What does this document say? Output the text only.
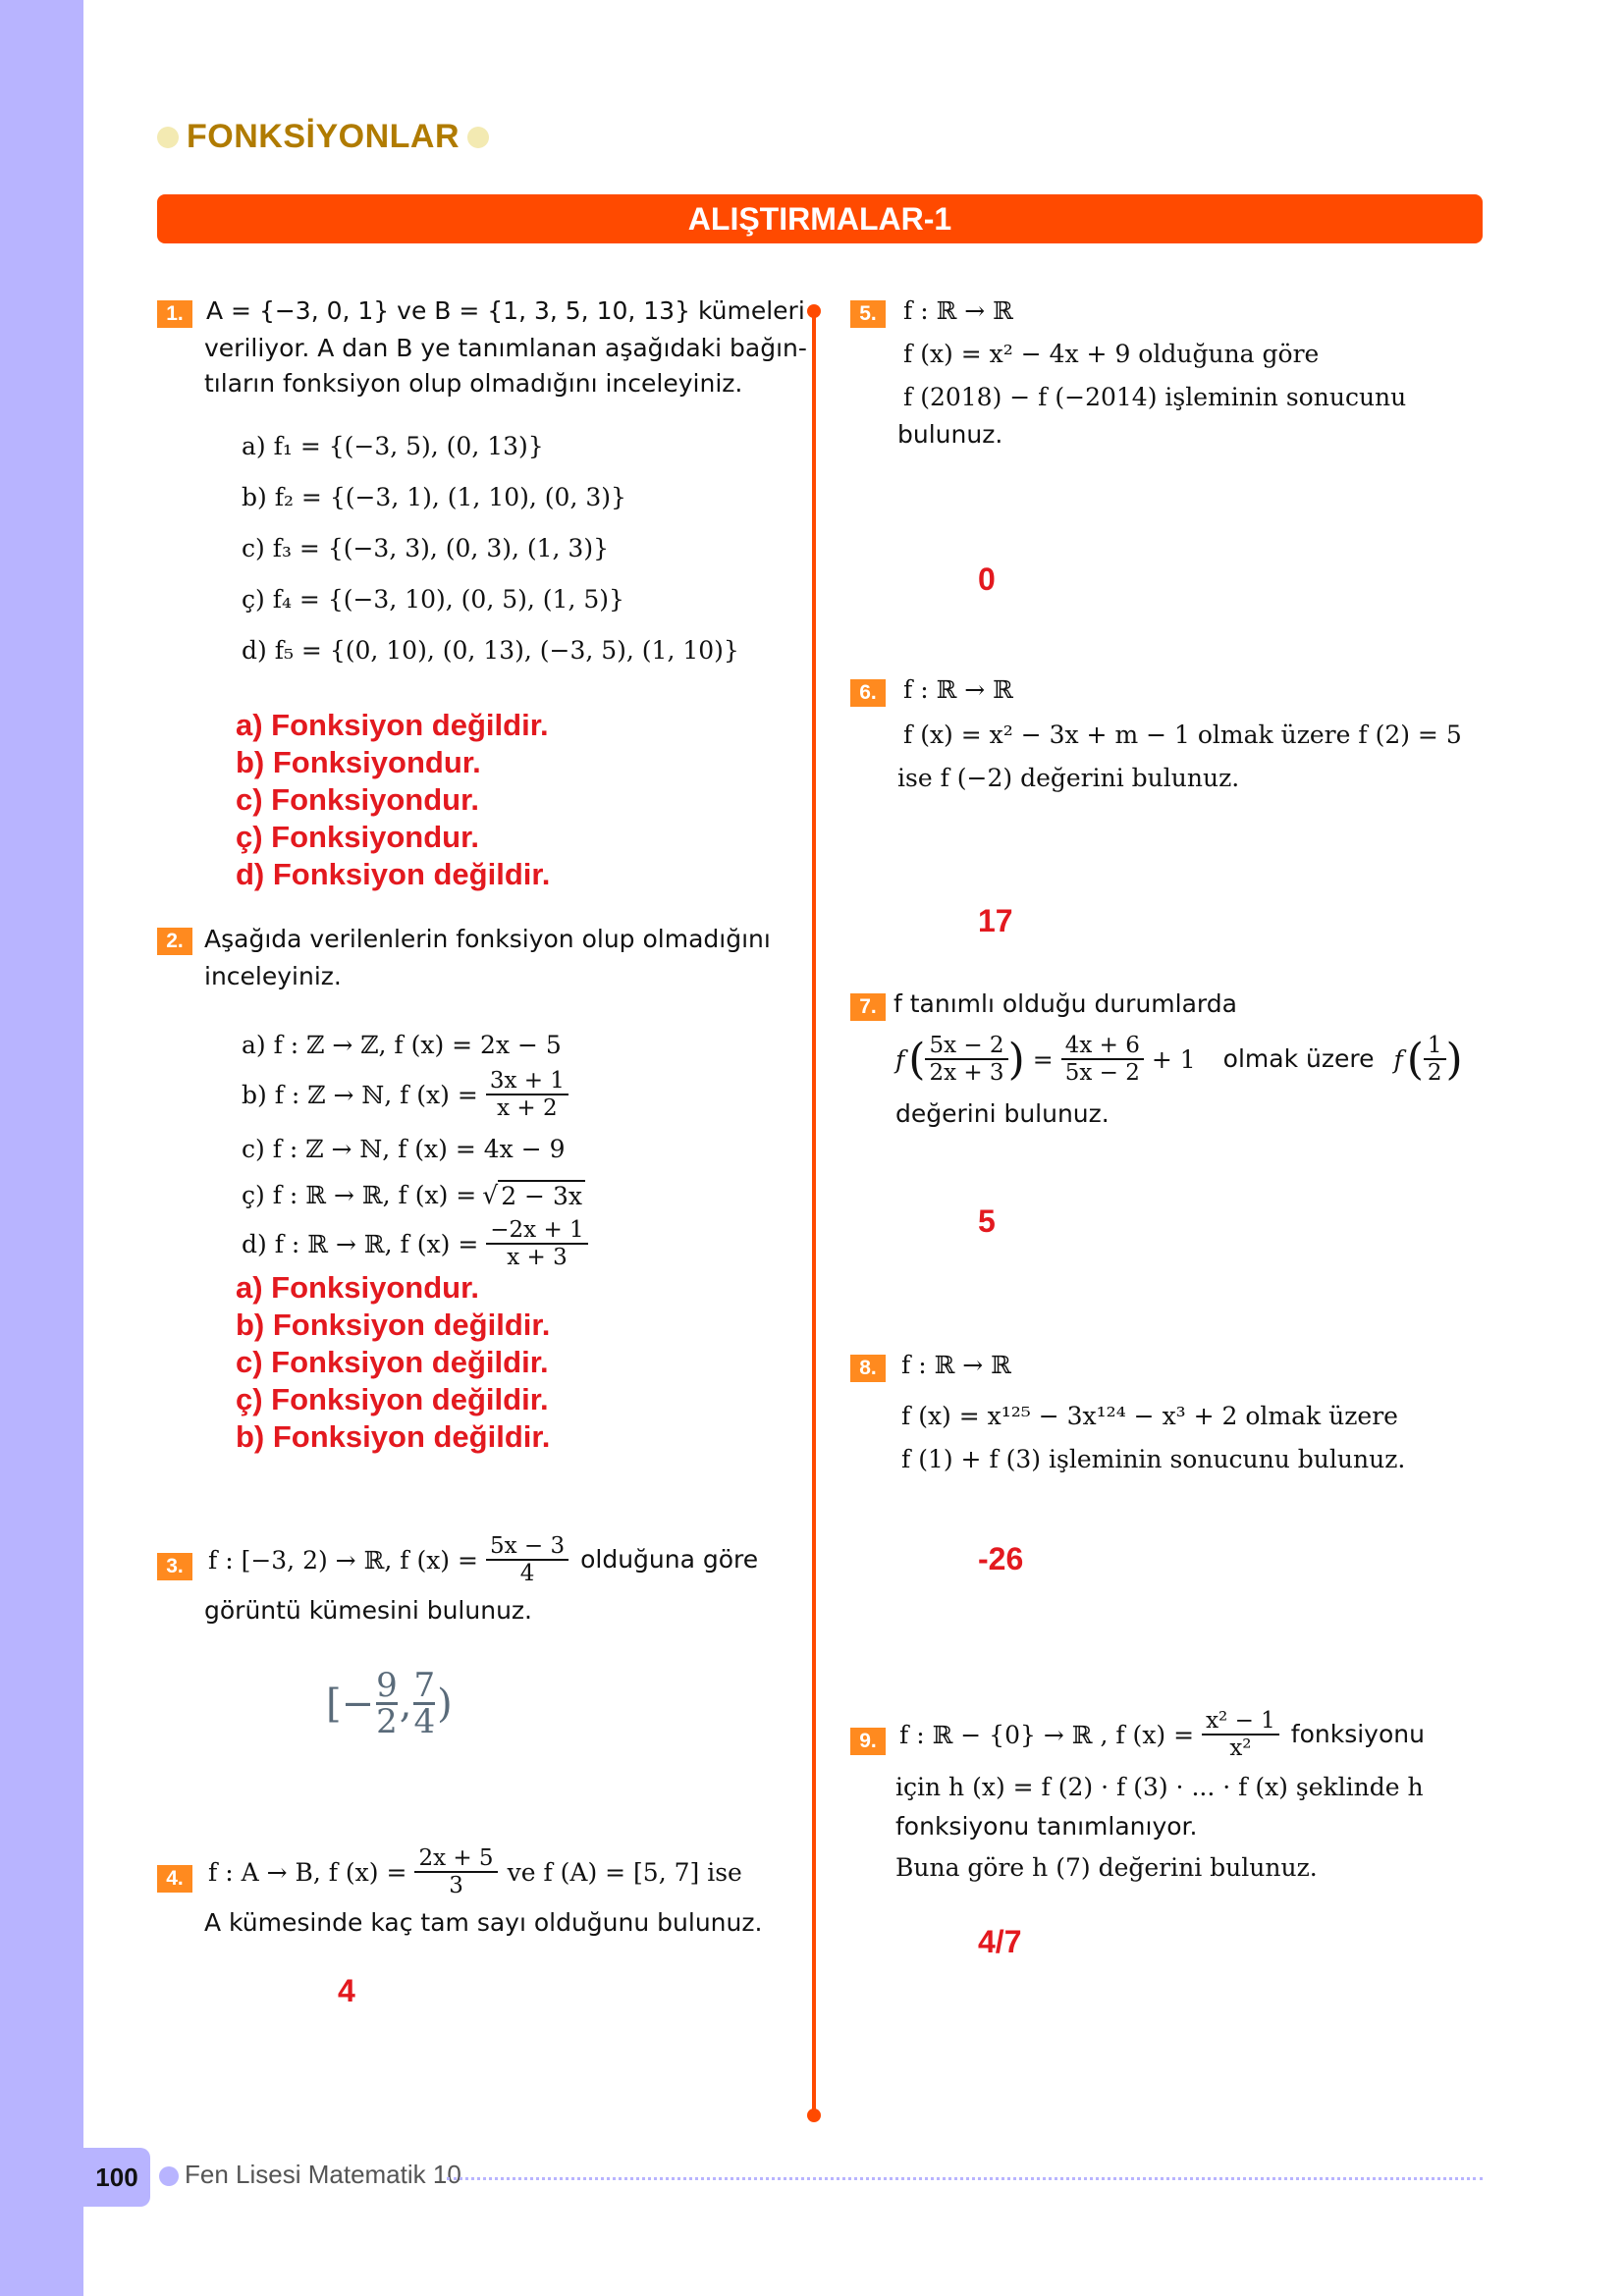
FONKSİYONLAR
ALIŞTIRMALAR-1
1. A = {−3, 0, 1} ve B = {1, 3, 5, 10, 13} kümeleri
veriliyor. A dan B ye tanımlanan aşağıdaki bağın-
tıların fonksiyon olup olmadığını inceleyiniz.
a) f₁ = {(−3, 5), (0, 13)}
b) f₂ = {(−3, 1), (1, 10), (0, 3)}
c) f₃ = {(−3, 3), (0, 3), (1, 3)}
ç) f₄ = {(−3, 10), (0, 5), (1, 5)}
d) f₅ = {(0, 10), (0, 13), (−3, 5), (1, 10)}
a) Fonksiyon değildir.
b) Fonksiyondur.
c) Fonksiyondur.
ç) Fonksiyondur.
d) Fonksiyon değildir.
2. Aşağıda verilenlerin fonksiyon olup olmadığını
inceleyiniz.
a) f : ℤ → ℤ, f (x) = 2x − 5
b) f : ℤ → ℕ, f $(x) = \frac{3x + 1}{x + 2}$
c) f : ℤ → ℕ, f (x) = 4x − 9
ç) f : ℝ → ℝ, f (x) = √ 2 − 3x
d) f : ℝ → ℝ, f $(x) = \frac{-2x + 1}{x + 3}$
a) Fonksiyondur.
b) Fonksiyon değildir.
c) Fonksiyon değildir.
ç) Fonksiyon değildir.
b) Fonksiyon değildir.
3.	f : [−3, 2) → ℝ, f $(x) = \frac{5x - 3}{4}$ olduğuna göre
görüntü kümesini bulunuz.
[− $\frac{9}{2}$ , 7
4 )
4.	f : A → B, f $(x) = \frac{2x + 5}{3}$ ve f (A) = [5, 7] ise
A kümesinde kaç tam sayı olduğunu bulunuz.
4
5.	f : ℝ → ℝ
f (x) = x² − 4x + 9 olduğuna göre
f (2018) − f (−2014) işleminin sonucunu
bulunuz.
0
6.	f : ℝ → ℝ
f (x) = x² − 3x + m − 1 olmak üzere f (2) = 5
ise f (−2) değerini bulunuz.
17
7. f tanımlı olduğu durumlarda
f ( $\frac{5x - 2}{2x + 3}$ ) = $\frac{4x + 6}{5x - 2} + 1$ olmak üzere f ( $\frac{1}{2}$ )
değerini bulunuz.
5
8.	f : ℝ → ℝ
f (x) = x¹²⁵ − 3x¹²⁴ − x³ + 2 olmak üzere
f (1) + f (3) işleminin sonucunu bulunuz.
-26
9. f : ℝ − {0} → ℝ , f $(x) = \frac{\text{x² − 1}}{\text{x²}}$ fonksiyonu
için h (x) = f (2) · f (3) · ... · f (x) şeklinde h
fonksiyonu tanımlanıyor.
Buna göre h (7) değerini bulunuz.
4/7
100	Fen Lisesi Matematik 10
